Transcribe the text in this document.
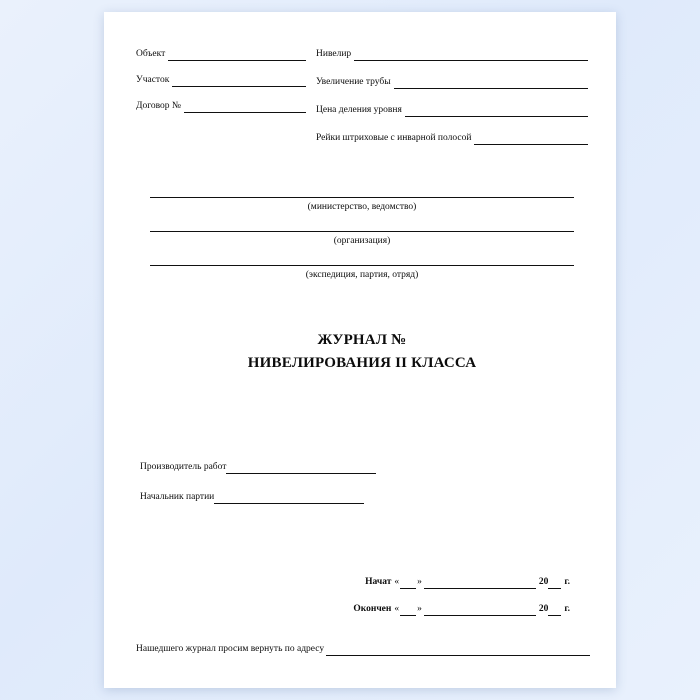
Объект
Участок
Договор №
Нивелир
Увеличение трубы
Цена деления уровня
Рейки штриховые с инварной полосой
(министерство, ведомство)
(организация)
(экспедиция, партия, отряд)
ЖУРНАЛ №
НИВЕЛИРОВАНИЯ II КЛАССА
Производитель работ
Начальник партии
Начат « »	20	г.
Окончен « »	20	г.
Нашедшего журнал просим вернуть по адресу
